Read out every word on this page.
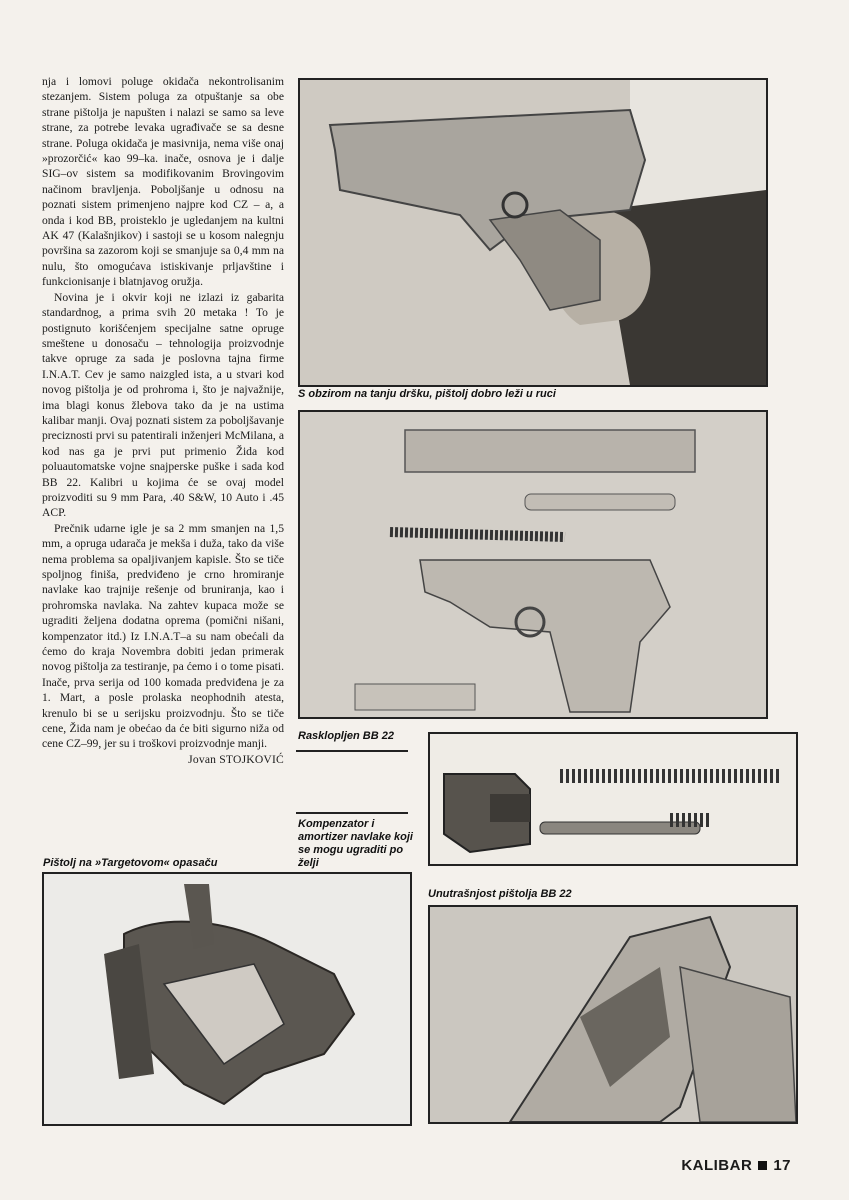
nja i lomovi poluge okidača nekontrolisanim stezanjem. Sistem poluga za otpuštanje sa obe strane pištolja je napušten i nalazi se samo sa leve strane, za potrebe levaka ugrađivače se sa desne strane. Poluga okidača je masivnija, nema više onaj »prozorčić« kao 99–ka. inače, osnova je i dalje SIG–ov sistem sa modifikovanim Brovingovim načinom bravljenja. Poboljšanje u odnosu na poznati sistem primenjeno najpre kod CZ – a, a onda i kod BB, proisteklo je ugledanjem na kultni AK 47 (Kalašnjikov) i sastoji se u kosom nalegnju površina sa zazorom koji se smanjuje sa 0,4 mm na nulu, što omogućava istiskivanje prljavštine i funkcionisanje i blatnjavog oružja.

Novina je i okvir koji ne izlazi iz gabarita standardnog, a prima svih 20 metaka ! To je postignuto korišćenjem specijalne satne opruge smeštene u donosaču – tehnologija proizvodnje takve opruge za sada je poslovna tajna firme I.N.A.T. Cev je samo naizgled ista, a u stvari kod novog pištolja je od prohroma i, što je najvažnije, ima blagi konus žlebova tako da je na ustima kalibar manji. Ovaj poznati sistem za poboljšavanje preciznosti prvi su patentirali inženjeri McMilana, a kod nas ga je prvi put primenio Žida kod poluautomatske vojne snajperske puške i sada kod BB 22. Kalibri u kojima će se ovaj model proizvoditi su 9 mm Para, .40 S&W, 10 Auto i .45 ACP.

Prečnik udarne igle je sa 2 mm smanjen na 1,5 mm, a opruga udarača je mekša i duža, tako da više nema problema sa opaljivanjem kapisle. Što se tiče spoljnog finiša, predviđeno je crno hromiranje navlake kao trajnije rešenje od bruniranja, kao i prohromska navlaka. Na zahtev kupaca može se ugraditi željena dodatna oprema (pomični nišani, kompenzator itd.) Iz I.N.A.T–a su nam obećali da ćemo do kraja Novembra dobiti jedan primerak novog pištolja za testiranje, pa ćemo i o tome pisati. Inače, prva serija od 100 komada predviđena je za 1. Mart, a posle prolaska neophodnih atesta, krenulo bi se u serijsku proizvodnju. Što se tiče cene, Žida nam je obećao da će biti sigurno niža od cene CZ–99, jer su i troškovi proizvodnje manji.

Jovan STOJKOVIĆ

S obzirom na tanju dršku, pištolj dobro leži u ruci
Rasklopljen BB 22
Kompenzator i amortizer navlake koji se mogu ugraditi po želji
Pištolj na »Targetovom« opasaču
Unutrašnjost pištolja BB 22
KALIBAR 17
